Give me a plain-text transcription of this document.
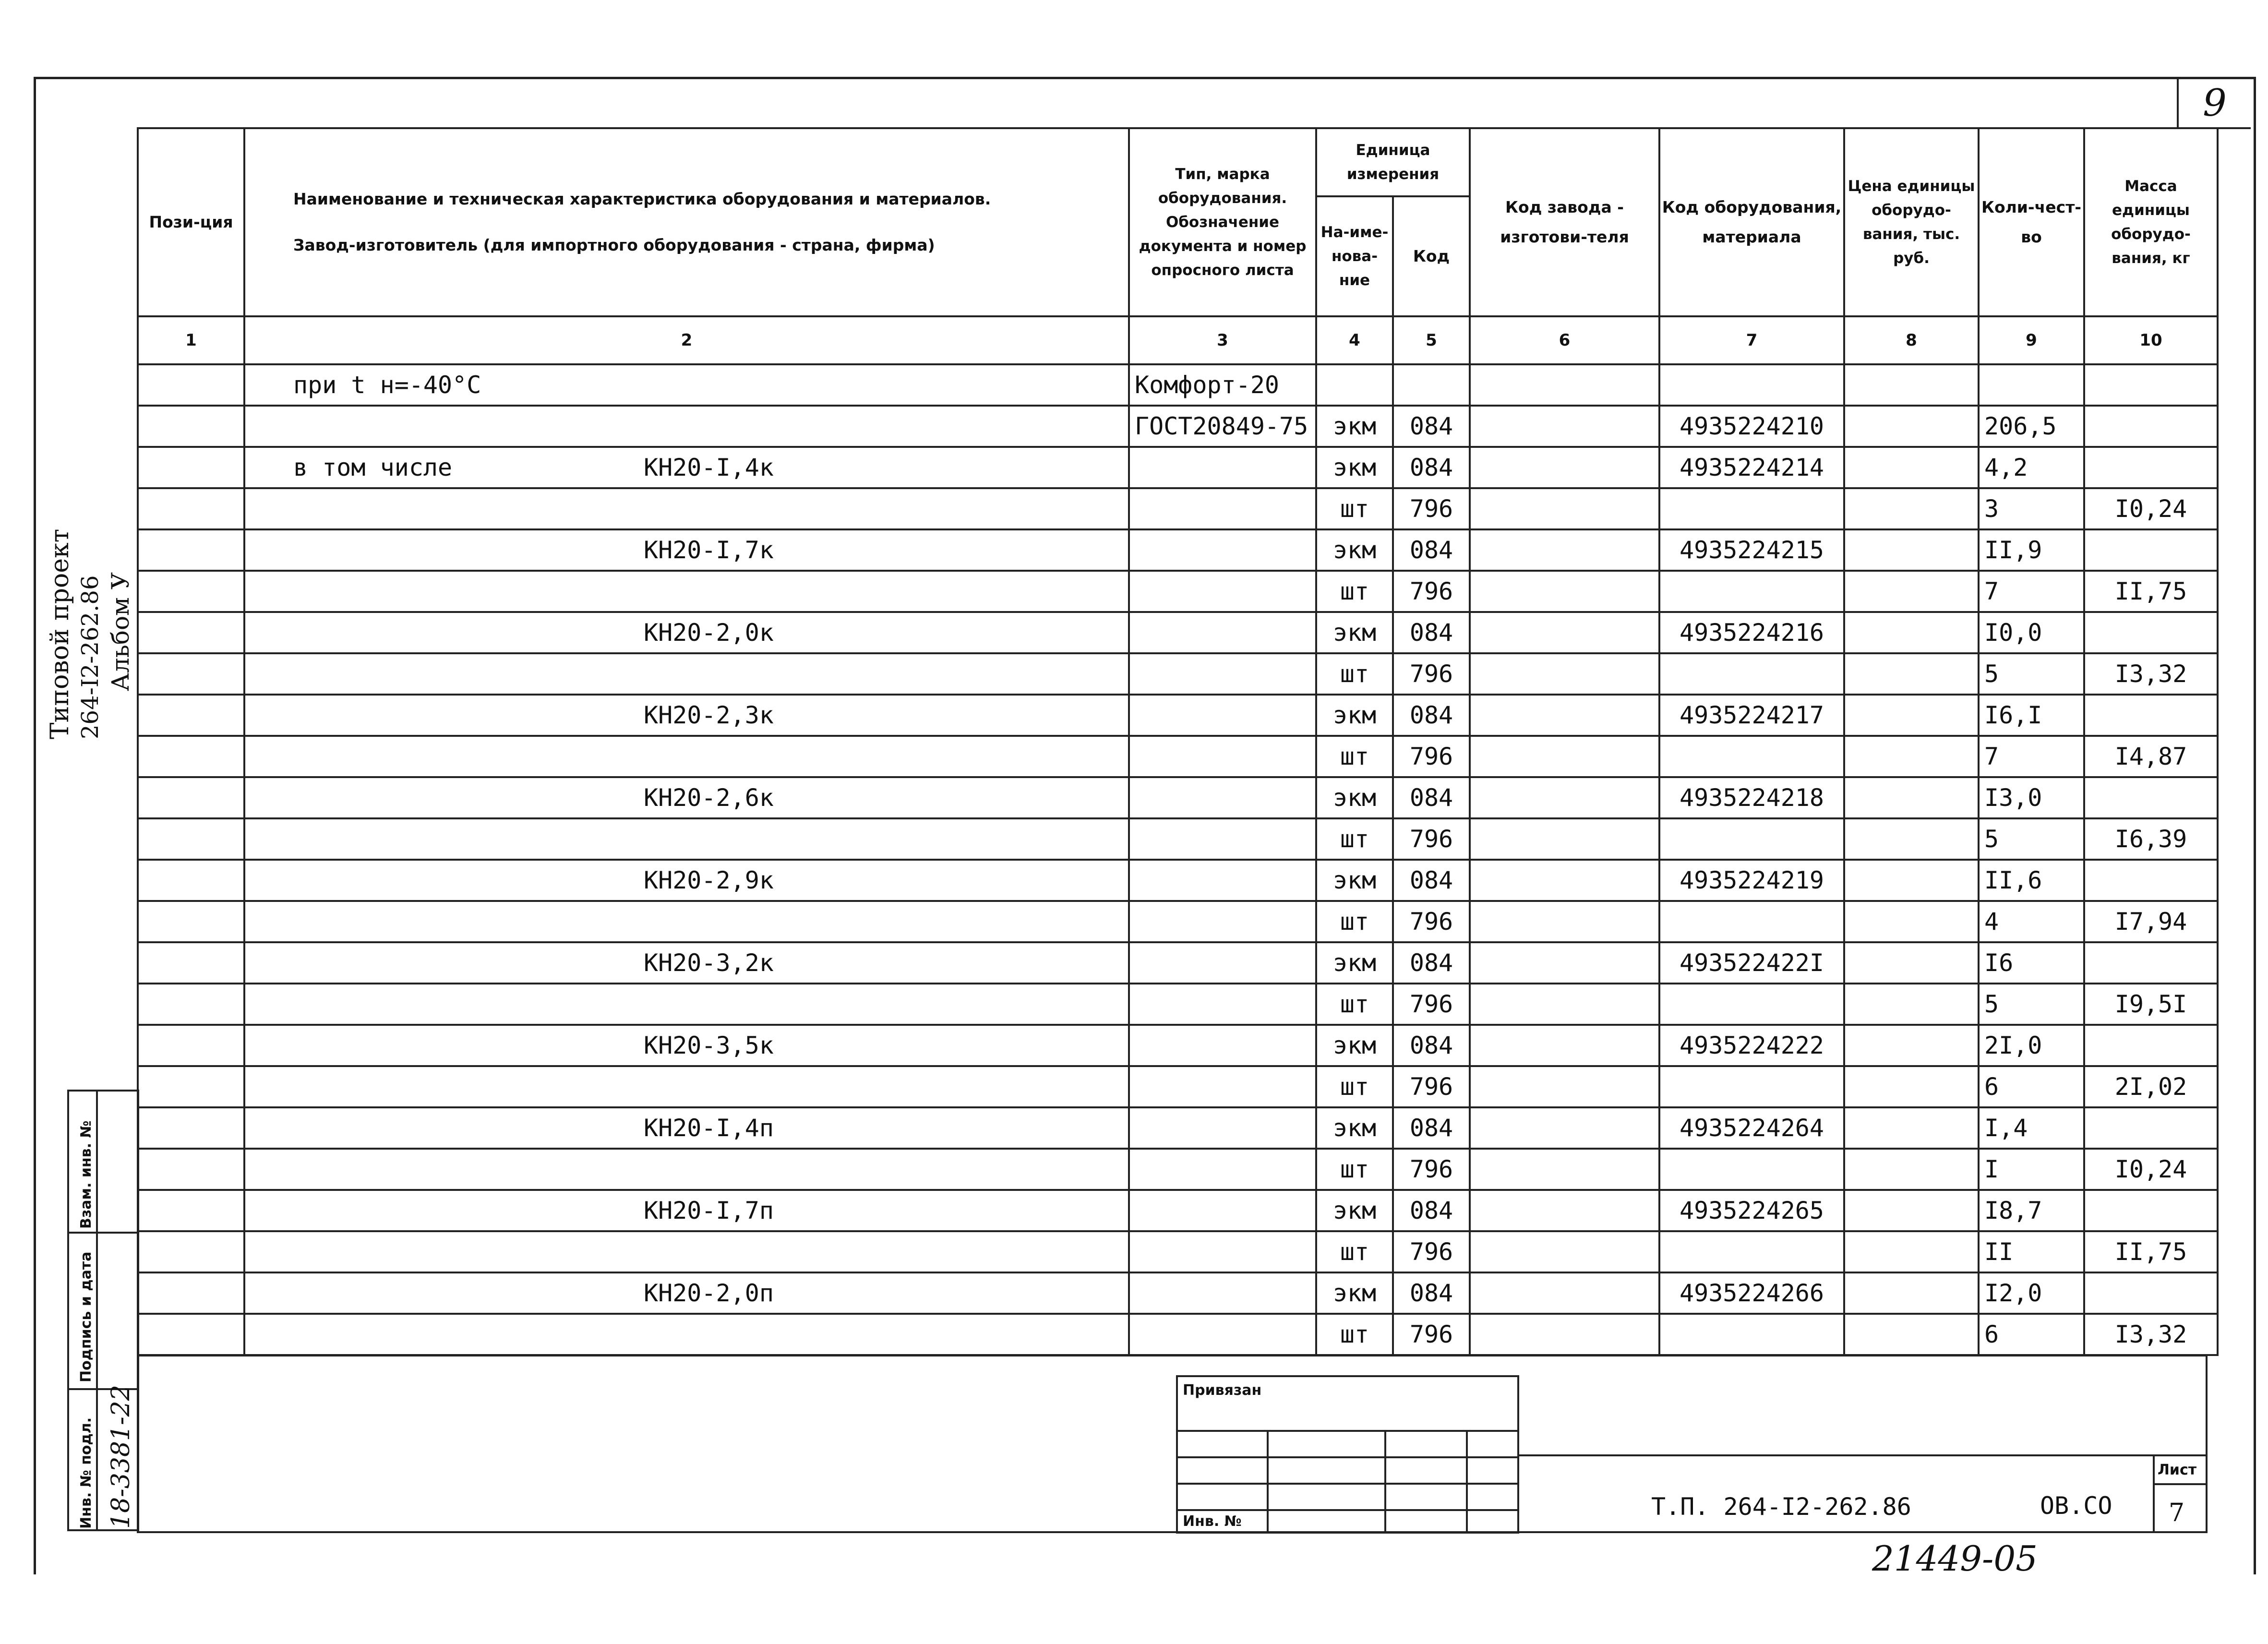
9
Типовой проект 264-I2-262.86 Альбом У
Взам. инв. №
Подпись и дата
Инв. № подл. 18-3381-22
Пози-ция	Наименование и техническая характеристика оборудования и материалов.
Завод-изготовитель (для импортного оборудования - страна, фирма)	Тип, марка оборудования. Обозначение документа и номер опросного листа	Единица измерения		Код завода - изготови-теля	Код оборудования, материала	Цена единицы оборудо-вания, тыс. руб.	Коли-чест-во	Масса единицы оборудо-вания, кг
			На-име-нова-ние	Код					
1	2	3	4	5	6	7	8	9	10
	при t н=-40°С	Комфорт-20							
		ГОСТ20849-75	экм	084		4935224210		206,5	
	в том числе КН20-I,4к		экм	084		4935224214		4,2	
			шт	796				3	I0,24
	КН20-I,7к		экм	084		4935224215		II,9	
			шт	796				7	II,75
	КН20-2,0к		экм	084		4935224216		I0,0	
			шт	796				5	I3,32
	КН20-2,3к		экм	084		4935224217		I6,I	
			шт	796				7	I4,87
	КН20-2,6к		экм	084		4935224218		I3,0	
			шт	796				5	I6,39
	КН20-2,9к		экм	084		4935224219		II,6	
			шт	796				4	I7,94
	КН20-3,2к		экм	084		493522422I		I6	
			шт	796				5	I9,5I
	КН20-3,5к		экм	084		4935224222		2I,0	
			шт	796				6	2I,02
	КН20-I,4п		экм	084		4935224264		I,4	
			шт	796				I	I0,24
	КН20-I,7п		экм	084		4935224265		I8,7	
			шт	796				II	II,75
	КН20-2,0п		экм	084		4935224266		I2,0	
			шт	796				6	I3,32
Привязан
Инв. №
Т.П. 264-I2-262.86	ОВ.СО
Лист
7
21449-05
